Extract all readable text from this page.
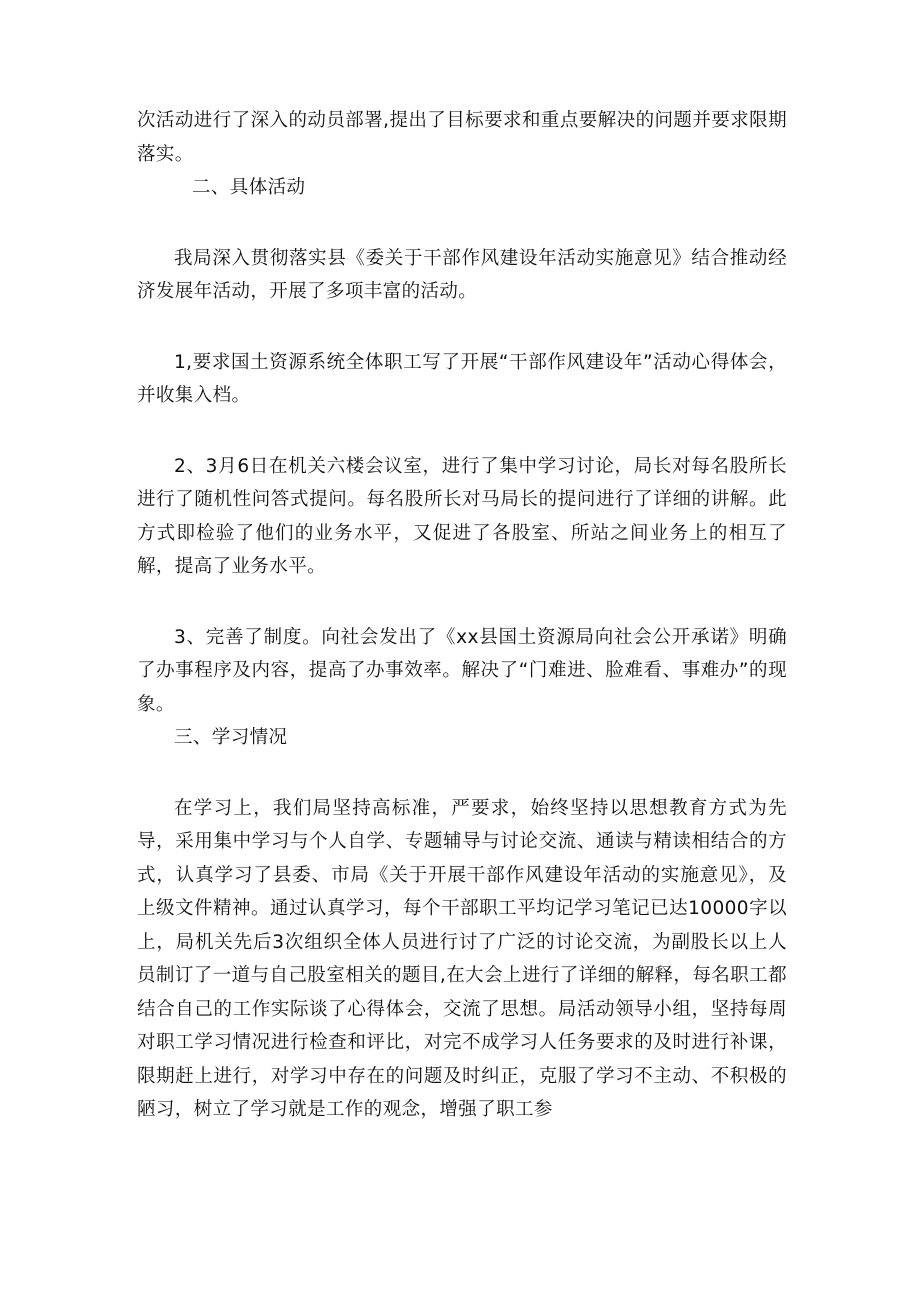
次活动进行了深入的动员部署,提出了目标要求和重点要解决的问题并要求限期落实。

二、具体活动

我局深入贯彻落实县《委关于干部作风建设年活动实施意见》结合推动经济发展年活动，开展了多项丰富的活动。

1,要求国土资源系统全体职工写了开展“干部作风建设年”活动心得体会，并收集入档。

2、3月6日在机关六楼会议室，进行了集中学习讨论，局长对每名股所长进行了随机性问答式提问。每名股所长对马局长的提问进行了详细的讲解。此方式即检验了他们的业务水平，又促进了各股室、所站之间业务上的相互了解，提高了业务水平。

3、完善了制度。向社会发出了《xx县国土资源局向社会公开承诺》明确了办事程序及内容，提高了办事效率。解决了“门难进、脸难看、事难办”的现象。

三、学习情况

在学习上，我们局坚持高标准，严要求，始终坚持以思想教育方式为先导，采用集中学习与个人自学、专题辅导与讨论交流、通读与精读相结合的方式，认真学习了县委、市局《关于开展干部作风建设年活动的实施意见》，及上级文件精神。通过认真学习，每个干部职工平均记学习笔记已达10000字以上，局机关先后3次组织全体人员进行讨了广泛的讨论交流，为副股长以上人员制订了一道与自己股室相关的题目,在大会上进行了详细的解释，每名职工都结合自己的工作实际谈了心得体会，交流了思想。局活动领导小组，坚持每周对职工学习情况进行检查和评比，对完不成学习人任务要求的及时进行补课，限期赶上进行，对学习中存在的问题及时纠正，克服了学习不主动、不积极的陋习，树立了学习就是工作的观念，增强了职工参
